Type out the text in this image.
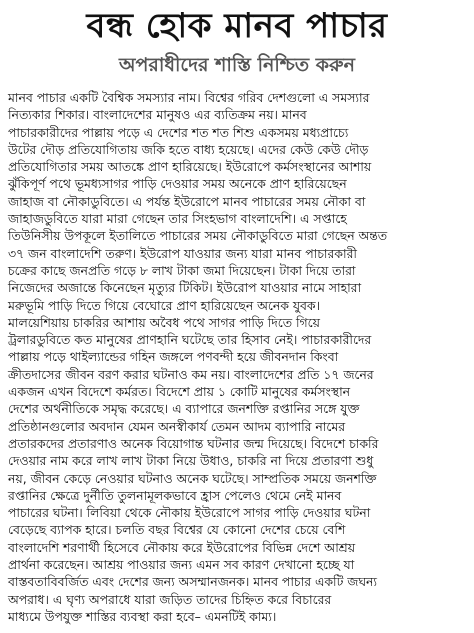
বন্ধ হোক মানব পাচার
অপরাধীদের শাস্তি নিশ্চিত করুন
মানব পাচার একটি বৈশ্বিক সমস্যার নাম। বিশ্বের গরিব দেশগুলো এ সমস্যার
নিত্যকার শিকার। বাংলাদেশের মানুষও এর ব্যতিক্রম নয়। মানব
পাচারকারীদের পাল্লায় পড়ে এ দেশের শত শত শিশু একসময় মধ্যপ্রাচ্যে
উটের দৌড় প্রতিযোগিতায় জকি হতে বাধ্য হয়েছে। এদের কেউ কেউ দৌড়
প্রতিযোগিতার সময় আতঙ্কে প্রাণ হারিয়েছে। ইউরোপে কর্মসংস্থানের আশায়
ঝুঁকিপূর্ণ পথে ভূমধ্যসাগর পাড়ি দেওয়ার সময় অনেকে প্রাণ হারিয়েছেন
জাহাজ বা নৌকাডুবিতে। এ পর্যন্ত ইউরোপে মানব পাচারের সময় নৌকা বা
জাহাজডুবিতে যারা মারা গেছেন তার সিংহভাগ বাংলাদেশি। এ সপ্তাহে
তিউনিসীয় উপকূলে ইতালিতে পাচারের সময় নৌকাডুবিতে মারা গেছেন অন্তত
৩৭ জন বাংলাদেশি তরুণ। ইউরোপ যাওয়ার জন্য যারা মানব পাচারকারী
চক্রের কাছে জনপ্রতি গড়ে ৮ লাখ টাকা জমা দিয়েছেন। টাকা দিয়ে তারা
নিজেদের অজান্তে কিনেছেন মৃত্যুর টিকিট। ইউরোপ যাওয়ার নামে সাহারা
মরুভূমি পাড়ি দিতে গিয়ে বেঘোরে প্রাণ হারিয়েছেন অনেক যুবক।
মালয়েশিয়ায় চাকরির আশায় অবৈধ পথে সাগর পাড়ি দিতে গিয়ে
ট্রলারডুবিতে কত মানুষের প্রাণহানি ঘটেছে তার হিসাব নেই। পাচারকারীদের
পাল্লায় পড়ে থাইল্যান্ডের গহিন জঙ্গলে পণবন্দী হয়ে জীবনদান কিংবা
ক্রীতদাসের জীবন বরণ করার ঘটনাও কম নয়। বাংলাদেশের প্রতি ১৭ জনের
একজন এখন বিদেশে কর্মরত। বিদেশে প্রায় ১ কোটি মানুষের কর্মসংস্থান
দেশের অর্থনীতিকে সমৃদ্ধ করেছে। এ ব্যাপারে জনশক্তি রপ্তানির সঙ্গে যুক্ত
প্রতিষ্ঠানগুলোর অবদান যেমন অনস্বীকার্য তেমন আদম ব্যাপারি নামের
প্রতারকদের প্রতারণাও অনেক বিয়োগান্ত ঘটনার জন্ম দিয়েছে। বিদেশে চাকরি
দেওয়ার নাম করে লাখ লাখ টাকা নিয়ে উধাও, চাকরি না দিয়ে প্রতারণা শুধু
নয়, জীবন কেড়ে নেওয়ার ঘটনাও অনেক ঘটেছে। সাম্প্রতিক সময়ে জনশক্তি
রপ্তানির ক্ষেত্রে দুর্নীতি তুলনামূলকভাবে হ্রাস পেলেও থেমে নেই মানব
পাচারের ঘটনা। লিবিয়া থেকে নৌকায় ইউরোপে সাগর পাড়ি দেওয়ার ঘটনা
বেড়েছে ব্যাপক হারে। চলতি বছর বিশ্বের যে কোনো দেশের চেয়ে বেশি
বাংলাদেশি শরণার্থী হিসেবে নৌকায় করে ইউরোপের বিভিন্ন দেশে আশ্রয়
প্রার্থনা করেছেন। আশ্রয় পাওয়ার জন্য এমন সব কারণ দেখানো হচ্ছে যা
বাস্তবতাবিবর্জিত এবং দেশের জন্য অসম্মানজনক। মানব পাচার একটি জঘন্য
অপরাধ। এ ঘৃণ্য অপরাধে যারা জড়িত তাদের চিহ্নিত করে বিচারের
মাধ্যমে উপযুক্ত শাস্তির ব্যবস্থা করা হবে– এমনটিই কাম্য।
